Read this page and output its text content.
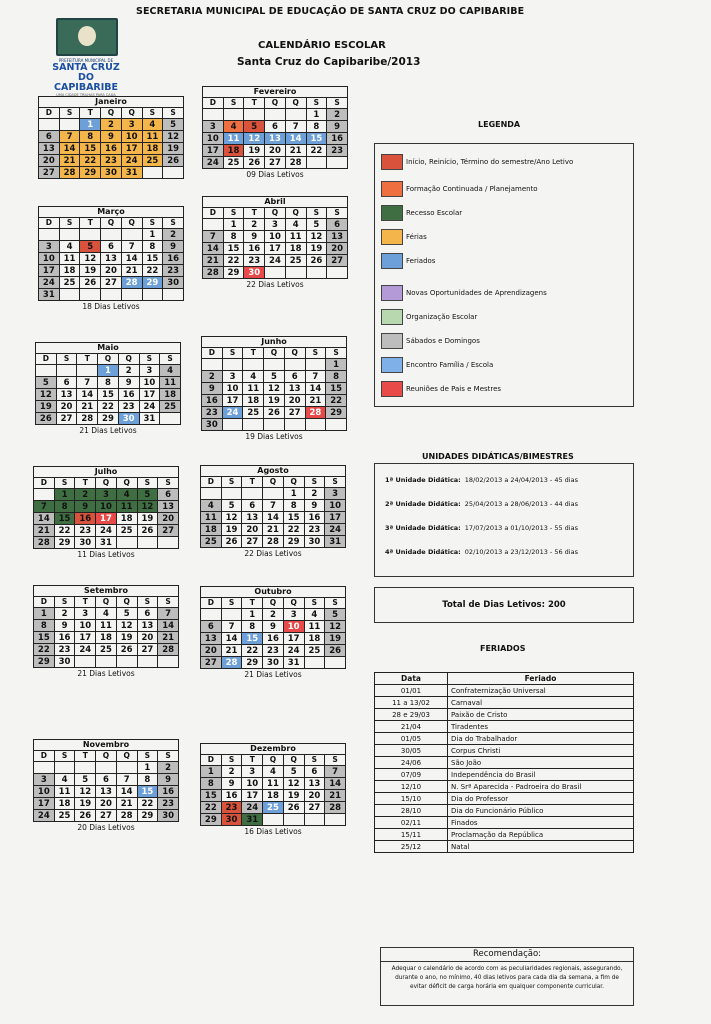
PREFEITURA MUNICIPAL DE
SANTA CRUZ
DO CAPIBARIBE
UMA CIDADE TRILHAS PARA CADA
SECRETARIA MUNICIPAL DE EDUCAÇÃO DE SANTA CRUZ DO CAPIBARIBE
CALENDÁRIO ESCOLAR
Santa Cruz do Capibaribe/2013
Janeiro						
D	S	T	Q	Q	S	S
		1	2	3	4	5
6	7	8	9	10	11	12
13	14	15	16	17	18	19
20	21	22	23	24	25	26
27	28	29	30	31		
Fevereiro						
D	S	T	Q	Q	S	S
					1	2
3	4	5	6	7	8	9
10	11	12	13	14	15	16
17	18	19	20	21	22	23
24	25	26	27	28		
09 Dias Letivos
Março						
D	S	T	Q	Q	S	S
					1	2
3	4	5	6	7	8	9
10	11	12	13	14	15	16
17	18	19	20	21	22	23
24	25	26	27	28	29	30
31						
18 Dias Letivos
Abril						
D	S	T	Q	Q	S	S
	1	2	3	4	5	6
7	8	9	10	11	12	13
14	15	16	17	18	19	20
21	22	23	24	25	26	27
28	29	30				
22 Dias Letivos
Maio						
D	S	T	Q	Q	S	S
			1	2	3	4
5	6	7	8	9	10	11
12	13	14	15	16	17	18
19	20	21	22	23	24	25
26	27	28	29	30	31	
21 Dias Letivos
Junho						
D	S	T	Q	Q	S	S
						1
2	3	4	5	6	7	8
9	10	11	12	13	14	15
16	17	18	19	20	21	22
23	24	25	26	27	28	29
30						
19 Dias Letivos
Julho						
D	S	T	Q	Q	S	S
	1	2	3	4	5	6
7	8	9	10	11	12	13
14	15	16	17	18	19	20
21	22	23	24	25	26	27
28	29	30	31			
11 Dias Letivos
Agosto						
D	S	T	Q	Q	S	S
				1	2	3
4	5	6	7	8	9	10
11	12	13	14	15	16	17
18	19	20	21	22	23	24
25	26	27	28	29	30	31
22 Dias Letivos
Setembro						
D	S	T	Q	Q	S	S
1	2	3	4	5	6	7
8	9	10	11	12	13	14
15	16	17	18	19	20	21
22	23	24	25	26	27	28
29	30					
21 Dias Letivos
Outubro						
D	S	T	Q	Q	S	S
		1	2	3	4	5
6	7	8	9	10	11	12
13	14	15	16	17	18	19
20	21	22	23	24	25	26
27	28	29	30	31		
21 Dias Letivos
Novembro						
D	S	T	Q	Q	S	S
					1	2
3	4	5	6	7	8	9
10	11	12	13	14	15	16
17	18	19	20	21	22	23
24	25	26	27	28	29	30
20 Dias Letivos
Dezembro						
D	S	T	Q	Q	S	S
1	2	3	4	5	6	7
8	9	10	11	12	13	14
15	16	17	18	19	20	21
22	23	24	25	26	27	28
29	30	31				
16 Dias Letivos
LEGENDA
Início, Reinício, Término do semestre/Ano Letivo
Formação Continuada / Planejamento
Recesso Escolar
Férias
Feriados
Novas Oportunidades de Aprendizagens
Organização Escolar
Sábados e Domingos
Encontro Família / Escola
Reuniões de Pais e Mestres
UNIDADES DIDÁTICAS/BIMESTRES
1ª Unidade Didática: 18/02/2013 a 24/04/2013 - 45 dias
2ª Unidade Didática: 25/04/2013 a 28/06/2013 - 44 dias
3ª Unidade Didática: 17/07/2013 a 01/10/2013 - 55 dias
4ª Unidade Didática: 02/10/2013 a 23/12/2013 - 56 dias
Total de Dias Letivos: 200
FERIADOS
Data	Feriado
01/01	Confraternização Universal
11 a 13/02	Carnaval
28 e 29/03	Paixão de Cristo
21/04	Tiradentes
01/05	Dia do Trabalhador
30/05	Corpus Christi
24/06	São João
07/09	Independência do Brasil
12/10	N. Srª Aparecida - Padroeira do Brasil
15/10	Dia do Professor
28/10	Dia do Funcionário Público
02/11	Finados
15/11	Proclamação da República
25/12	Natal
Recomendação:
Adequar o calendário de acordo com as peculiaridades regionais, assegurando, durante o ano, no mínimo, 40 dias letivos para cada dia da semana, a fim de evitar déficit de carga horária em qualquer componente curricular.
